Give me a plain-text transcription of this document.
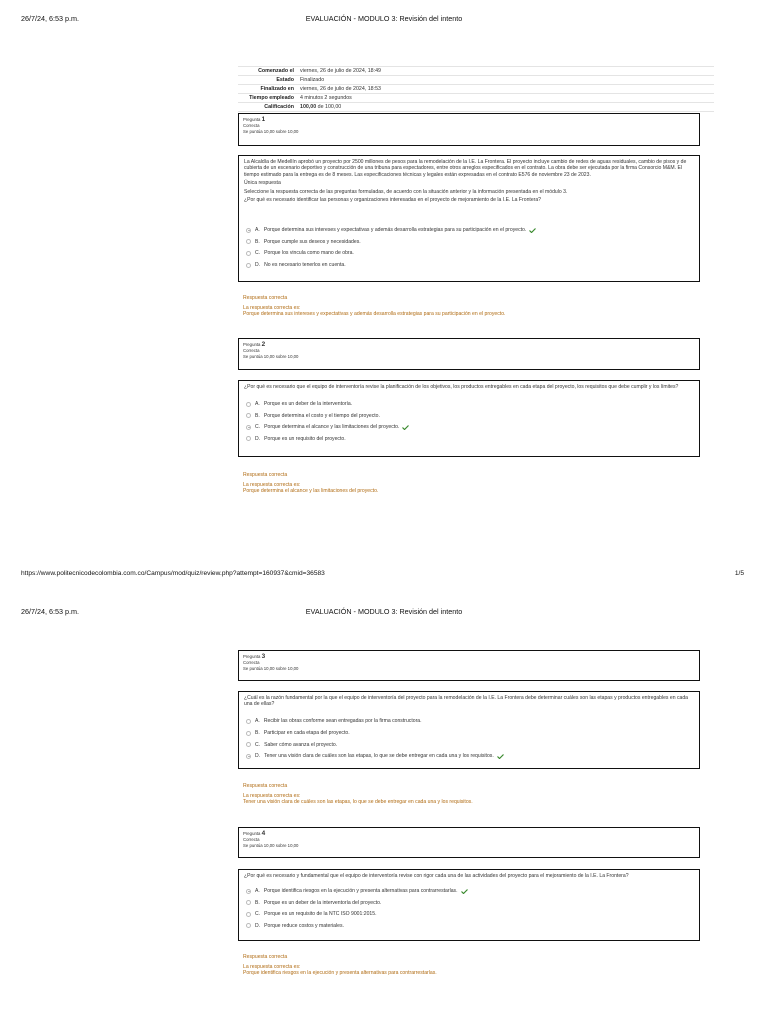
26/7/24, 6:53 p.m.	EVALUACIÓN - MODULO 3: Revisión del intento
Comenzado el	viernes, 26 de julio de 2024, 18:49
Estado	Finalizado
Finalizado en	viernes, 26 de julio de 2024, 18:53
Tiempo empleado	4 minutos 2 segundos
Calificación	100,00 de 100,00
Pregunta 1
Correcta
Se puntúa 10,00 sobre 10,00

La Alcaldía de Medellín aprobó un proyecto por 2500 millones de pesos para la remodelación de la I.E. La Frontera. El proyecto incluye cambio de redes de aguas residuales, cambio de pisos y de cubierta de un escenario deportivo y construcción de una tribuna para espectadores, entre otros arreglos especificados en el contrato. La obra debe ser ejecutada por la firma Consorcio M&M. El tiempo estimado para la entrega es de 8 meses. Las especificaciones técnicas y legales están expresadas en el contrato E576 de noviembre 23 de 2023.

Única respuesta

Seleccione la respuesta correcta de las preguntas formuladas, de acuerdo con la situación anterior y la información presentada en el módulo 3.

¿Por qué es necesario identificar las personas y organizaciones interesadas en el proyecto de mejoramiento de la I.E. La Frontera?

A. Porque determina sus intereses y expectativas y además desarrolla estrategias para su participación en el proyecto.
B. Porque cumple sus deseos y necesidades.
C. Porque los vincula como mano de obra.
D. No es necesario tenerlos en cuenta.
Respuesta correcta
La respuesta correcta es:
Porque determina sus intereses y expectativas y además desarrolla estrategias para su participación en el proyecto.
Pregunta 2
Correcta
Se puntúa 10,00 sobre 10,00

¿Por qué es necesario que el equipo de interventoría revise la planificación de los objetivos, los productos entregables en cada etapa del proyecto, los requisitos que debe cumplir y los límites?

A. Porque es un deber de la interventoría.
B. Porque determina el costo y el tiempo del proyecto.
C. Porque determina el alcance y las limitaciones del proyecto.
D. Porque es un requisito del proyecto.
Respuesta correcta
La respuesta correcta es:
Porque determina el alcance y las limitaciones del proyecto.
https://www.politecnicodecolombia.com.co/Campus/mod/quiz/review.php?attempt=160937&cmid=36583	1/5
26/7/24, 6:53 p.m.	EVALUACIÓN - MODULO 3: Revisión del intento
Pregunta 3
Correcta
Se puntúa 10,00 sobre 10,00

¿Cuál es la razón fundamental por la que el equipo de interventoría del proyecto para la remodelación de la I.E. La Frontera debe determinar cuáles son las etapas y productos entregables en cada una de ellas?

A. Recibir las obras conforme sean entregadas por la firma constructora.
B. Participar en cada etapa del proyecto.
C. Saber cómo avanza el proyecto.
D. Tener una visión clara de cuáles son las etapas, lo que se debe entregar en cada una y los requisitos.
Respuesta correcta
La respuesta correcta es:
Tener una visión clara de cuáles son las etapas, lo que se debe entregar en cada una y los requisitos.
Pregunta 4
Correcta
Se puntúa 10,00 sobre 10,00

¿Por qué es necesario y fundamental que el equipo de interventoría revise con rigor cada una de las actividades del proyecto para el mejoramiento de la I.E. La Frontera?

A. Porque identifica riesgos en la ejecución y presenta alternativas para contrarrestarlas.
B. Porque es un deber de la interventoría del proyecto.
C. Porque es un requisito de la NTC ISO 9001:2015.
D. Porque reduce costos y materiales.
Respuesta correcta
La respuesta correcta es:
Porque identifica riesgos en la ejecución y presenta alternativas para contrarrestarlas.
